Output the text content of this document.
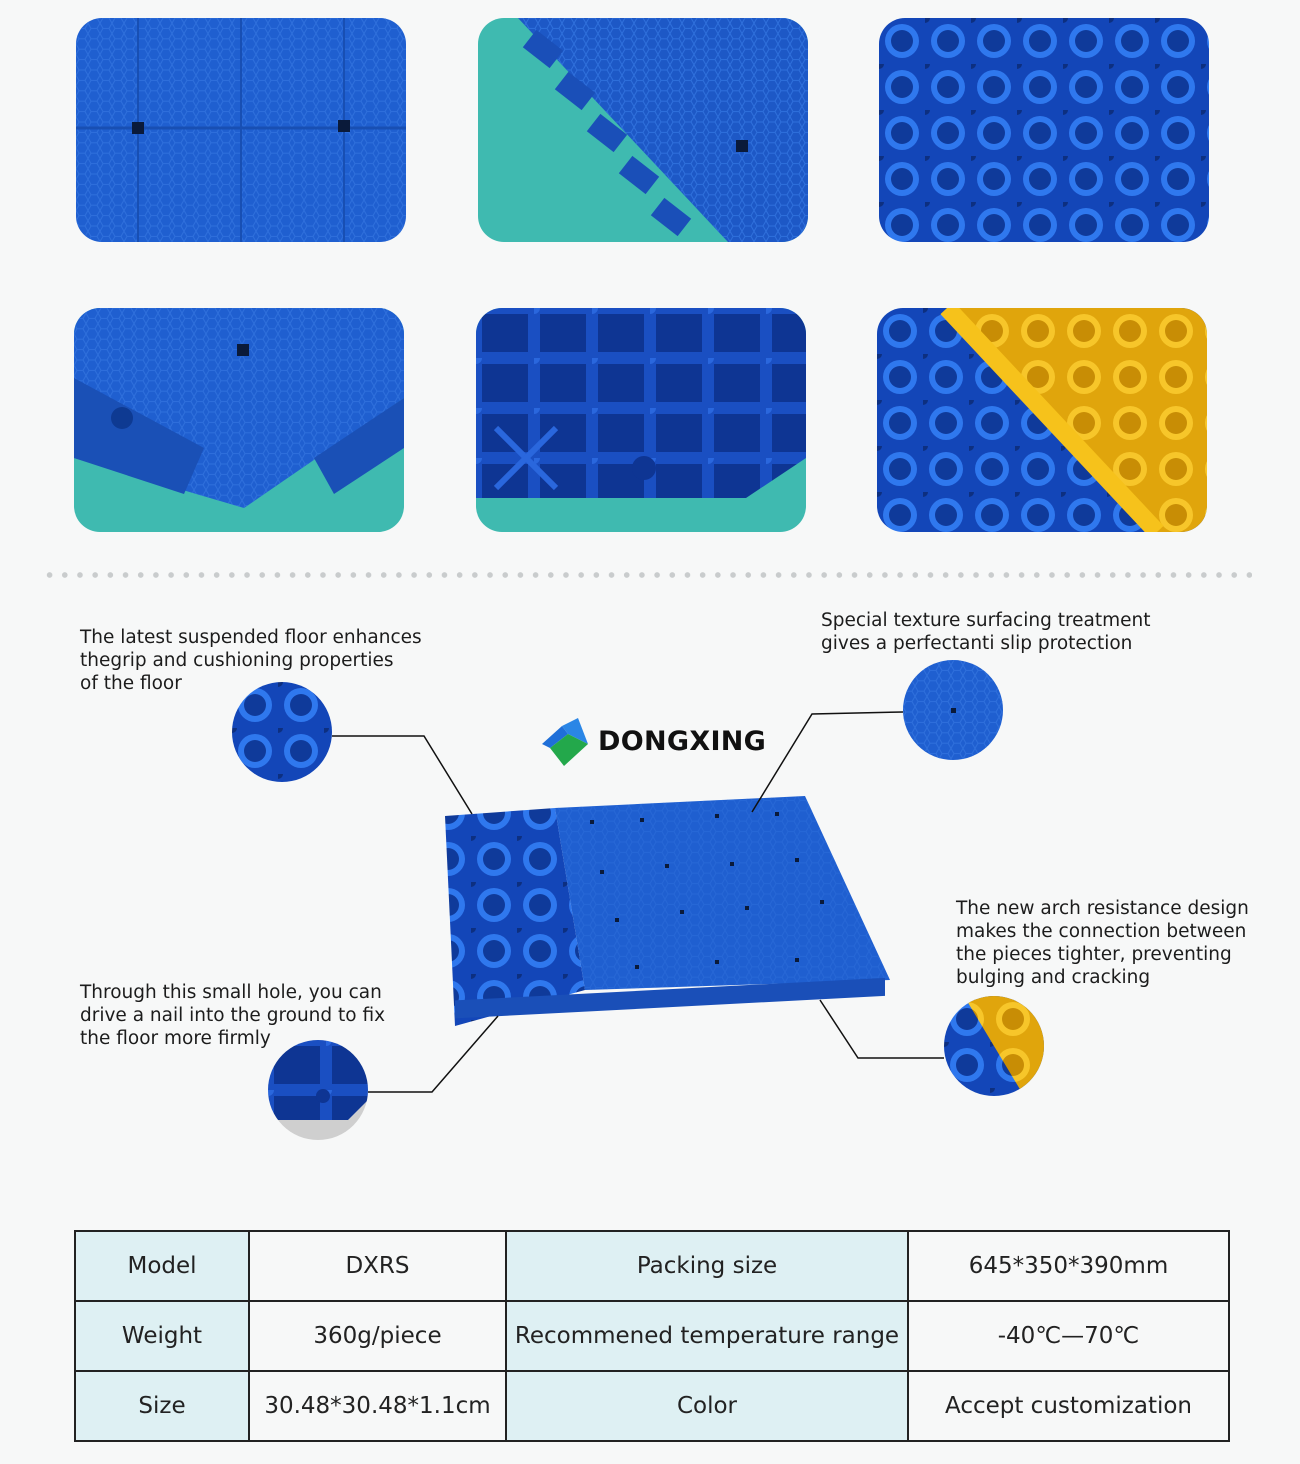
The latest suspended floor enhances
thegrip and cushioning properties
of the floor
Special texture surfacing treatment
gives a perfectanti slip protection
The new arch resistance design
makes the connection between
the pieces tighter, preventing
bulging and cracking
Through this small hole, you can
drive a nail into the ground to fix
the floor more firmly
DONGXING
Model	DXRS	Packing size	645*350*390mm
Weight	360g/piece	Recommened temperature range	-40℃—70℃
Size	30.48*30.48*1.1cm	Color	Accept customization
